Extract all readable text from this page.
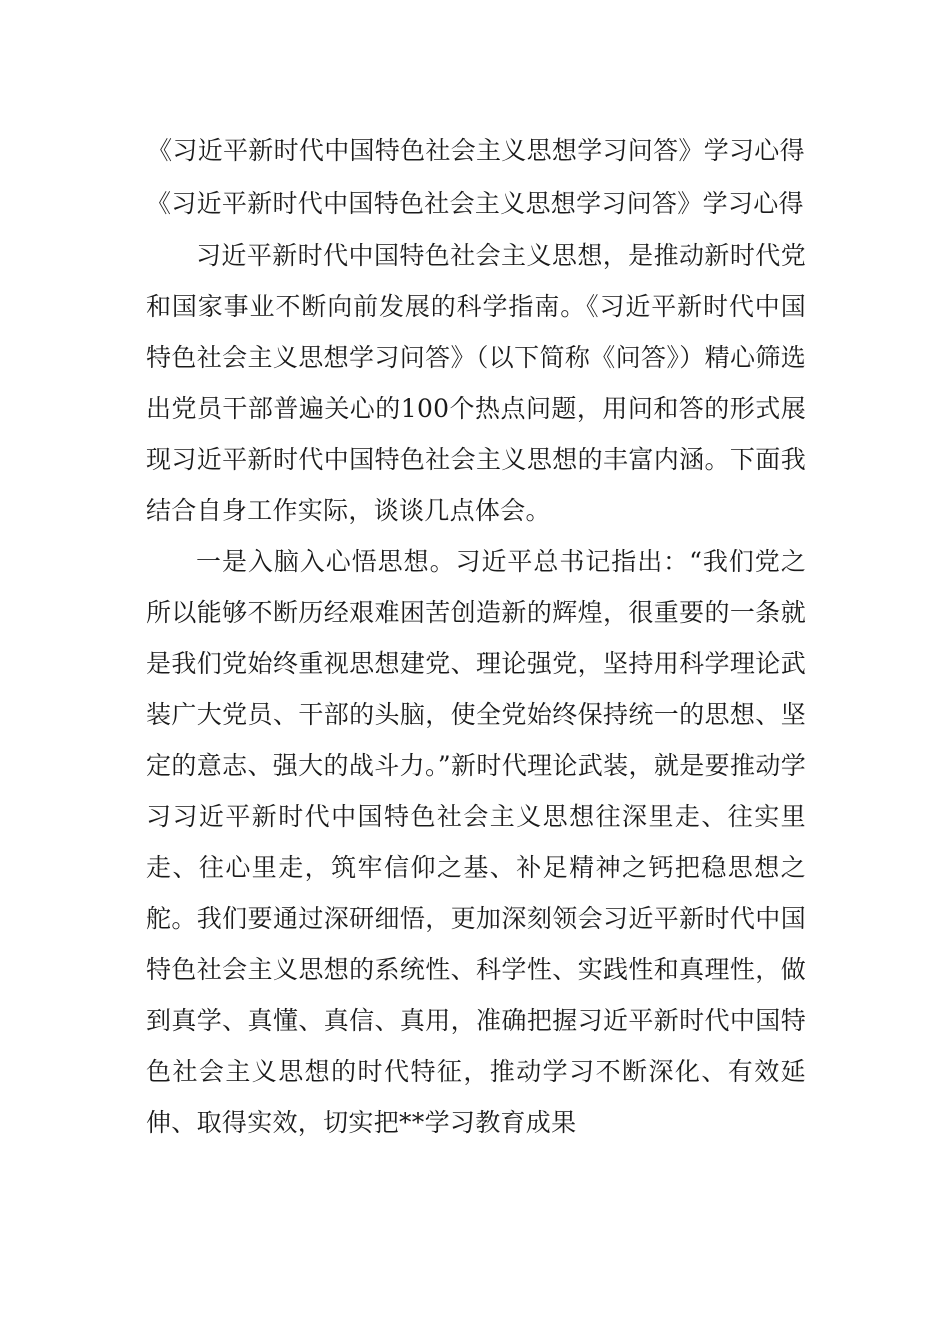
《习近平新时代中国特色社会主义思想学习问答》学习心得
《习近平新时代中国特色社会主义思想学习问答》学习心得

习近平新时代中国特色社会主义思想，是推动新时代党和国家事业不断向前发展的科学指南。《习近平新时代中国特色社会主义思想学习问答》（以下简称《问答》）精心筛选出党员干部普遍关心的100个热点问题，用问和答的形式展现习近平新时代中国特色社会主义思想的丰富内涵。下面我结合自身工作实际，谈谈几点体会。

一是入脑入心悟思想。习近平总书记指出：“我们党之所以能够不断历经艰难困苦创造新的辉煌，很重要的一条就是我们党始终重视思想建党、理论强党，坚持用科学理论武装广大党员、干部的头脑，使全党始终保持统一的思想、坚定的意志、强大的战斗力。”新时代理论武装，就是要推动学习习近平新时代中国特色社会主义思想往深里走、往实里走、往心里走，筑牢信仰之基、补足精神之钙把稳思想之舵。我们要通过深研细悟，更加深刻领会习近平新时代中国特色社会主义思想的系统性、科学性、实践性和真理性，做到真学、真懂、真信、真用，准确把握习近平新时代中国特色社会主义思想的时代特征，推动学习不断深化、有效延伸、取得实效，切实把**学习教育成果
